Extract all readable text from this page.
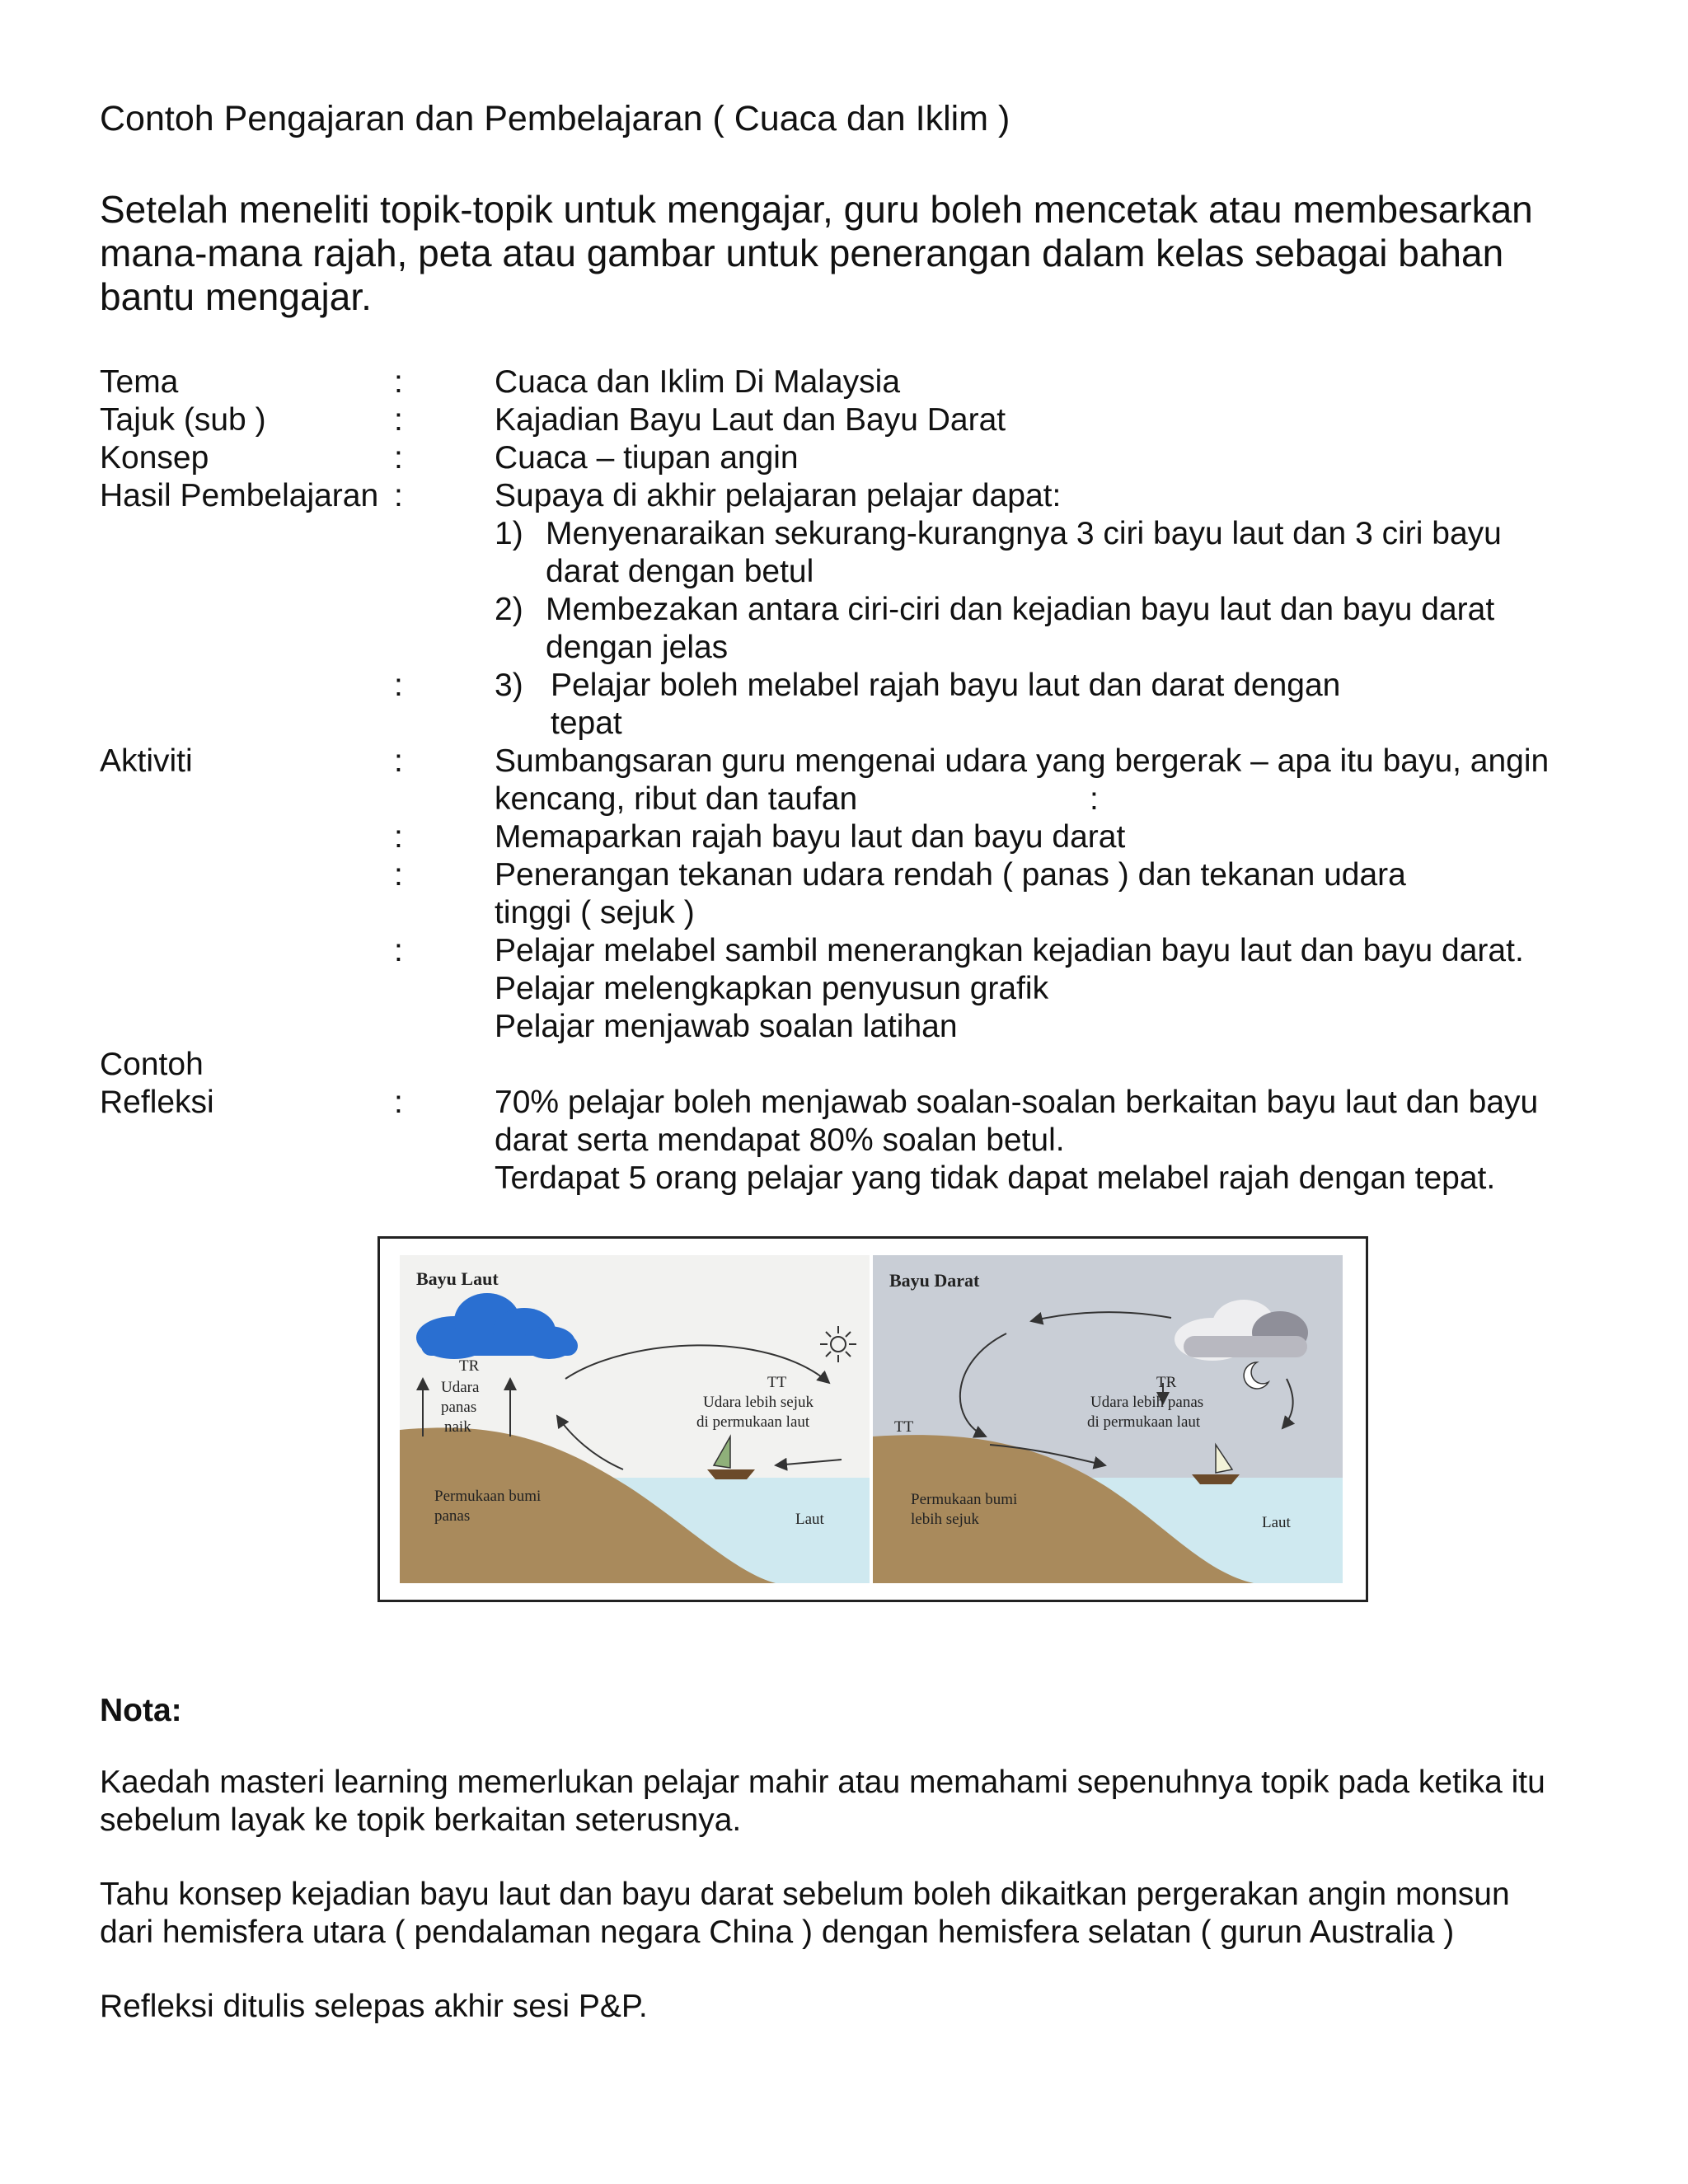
Contoh Pengajaran dan Pembelajaran ( Cuaca dan Iklim )
Setelah meneliti topik-topik untuk mengajar, guru boleh mencetak atau membesarkan
mana-mana rajah, peta atau gambar untuk penerangan dalam kelas sebagai bahan
bantu mengajar.
Tema	:	Cuaca dan Iklim Di Malaysia
Tajuk (sub )	:	Kajadian Bayu Laut dan Bayu Darat
Konsep	:	Cuaca – tiupan angin
Hasil Pembelajaran :	Supaya di akhir pelajaran pelajar dapat:
1) Menyenaraikan sekurang-kurangnya 3 ciri bayu laut dan 3 ciri bayu
darat dengan betul
2) Membezakan antara ciri-ciri dan kejadian bayu laut dan bayu darat
dengan jelas
:	3) Pelajar boleh melabel rajah bayu laut dan darat dengan
tepat
Aktiviti	:	Sumbangsaran guru mengenai udara yang bergerak – apa itu bayu, angin
kencang, ribut dan taufan	:
:	Memaparkan rajah bayu laut dan bayu darat
:	Penerangan tekanan udara rendah ( panas ) dan tekanan udara
tinggi ( sejuk )
:	Pelajar melabel sambil menerangkan kejadian bayu laut dan bayu darat.
Pelajar melengkapkan penyusun grafik
Pelajar menjawab soalan latihan
Contoh
Refleksi	:	70% pelajar boleh menjawab soalan-soalan berkaitan bayu laut dan bayu
darat serta mendapat 80% soalan betul.
Terdapat 5 orang pelajar yang tidak dapat melabel rajah dengan tepat.
Bayu Laut
TR
Udara
panas
naik
TT
Udara lebih sejuk
di permukaan laut
Permukaan bumi
panas	Laut
Bayu Darat
TT
TR
Udara lebih panas
di permukaan laut
Permukaan bumi
lebih sejuk	Laut
Nota:
Kaedah masteri learning memerlukan pelajar mahir atau memahami sepenuhnya topik pada ketika itu
sebelum layak ke topik berkaitan seterusnya.
Tahu konsep kejadian bayu laut dan bayu darat sebelum boleh dikaitkan pergerakan angin monsun
dari hemisfera utara ( pendalaman negara China ) dengan hemisfera selatan ( gurun Australia )
Refleksi ditulis selepas akhir sesi P&P.
